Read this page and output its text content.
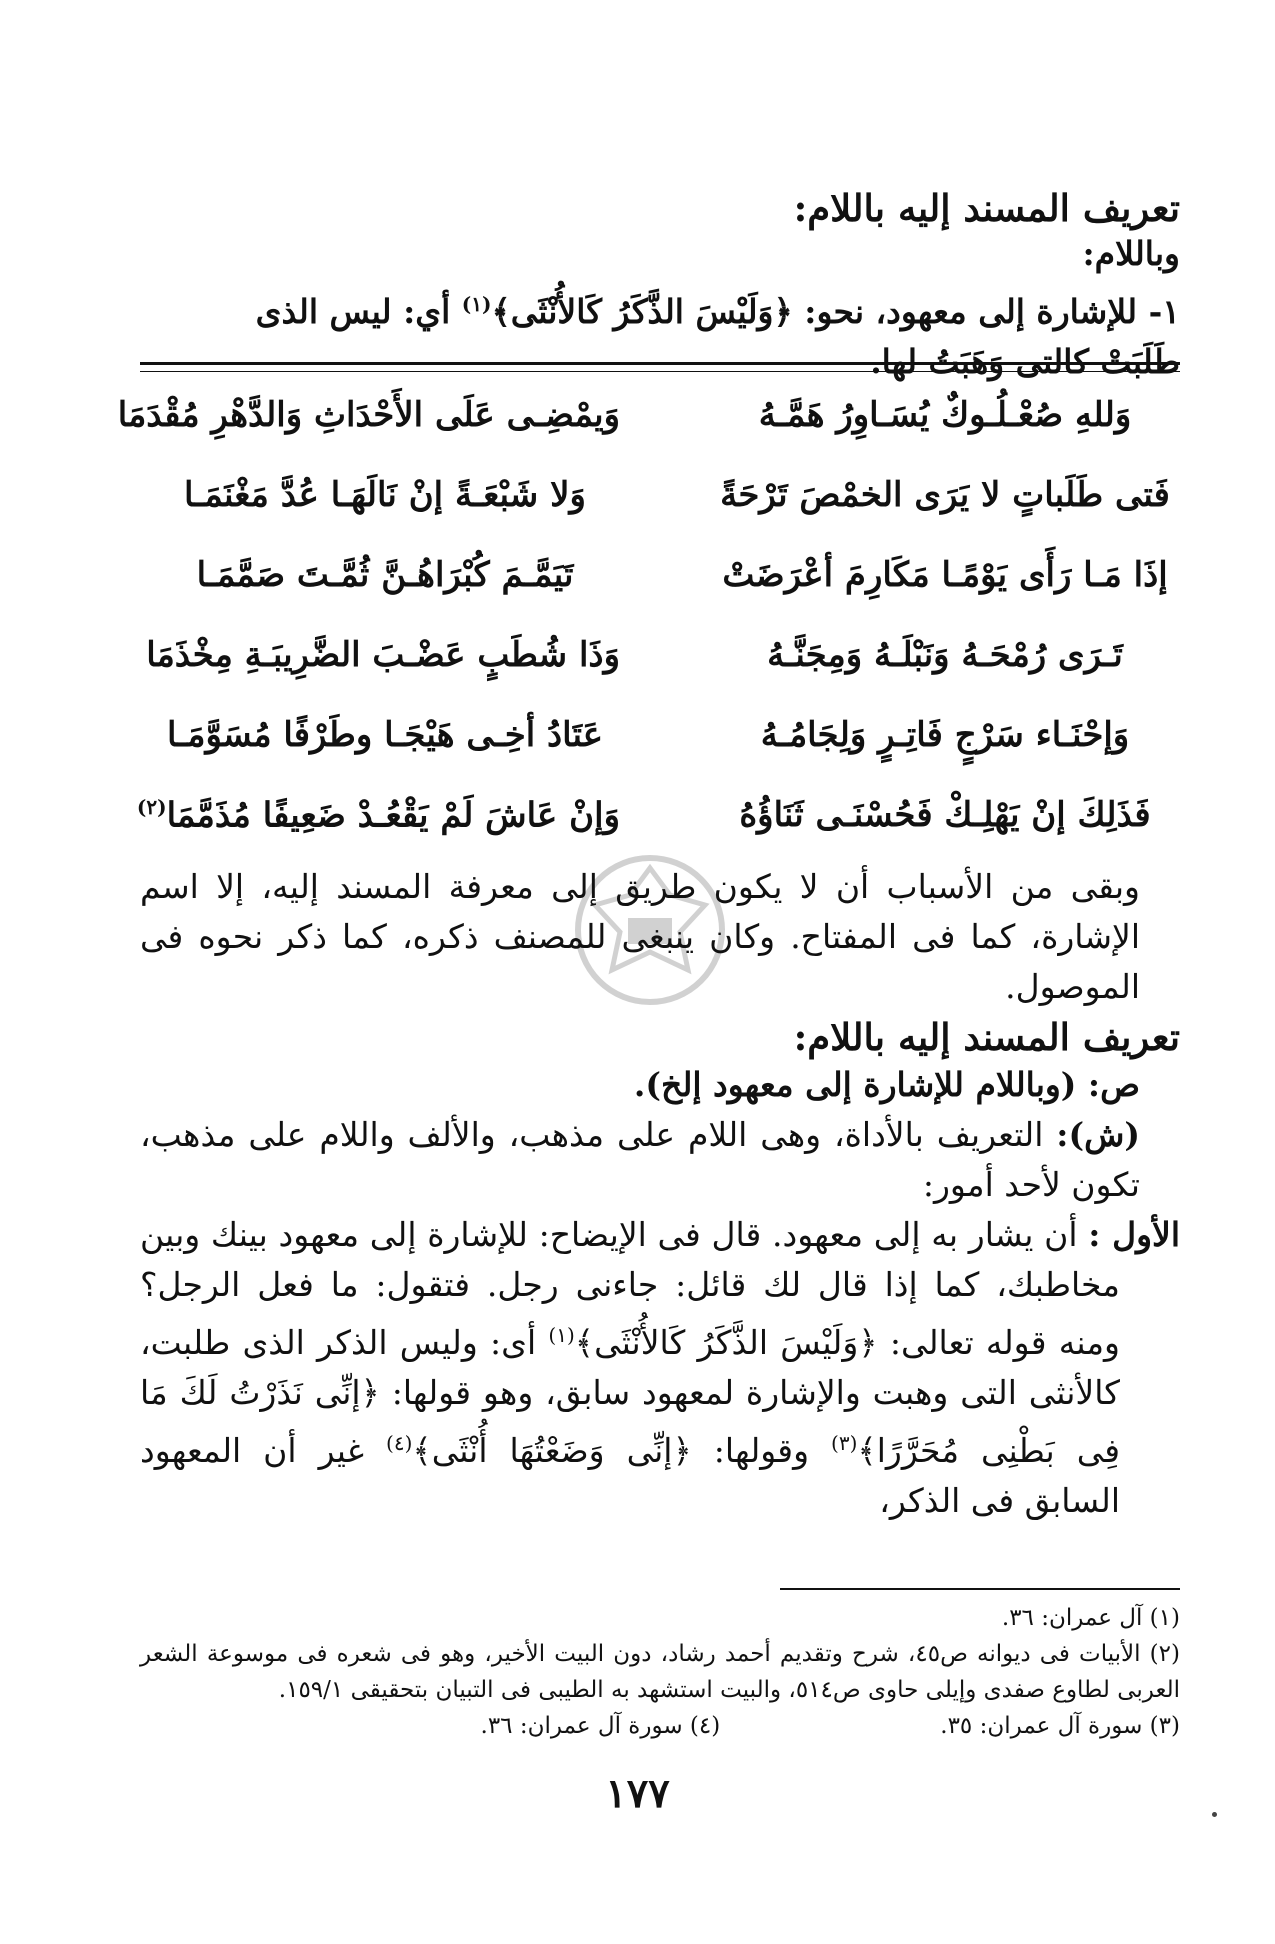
تعريف المسند إليه باللام:
وباللام:
١- للإشارة إلى معهود، نحو: ﴿وَلَيْسَ الذَّكَرُ كَالأُنْثَى﴾$^{(١)}$ أي: ليس الذى
طَلَبَتْ كالتى وَهَبَتُ لها.
وَللهِ صُعْـلُـوكٌ يُسَـاوِرُ هَمَّـهُ
وَيمْضِـى عَلَى الأَحْدَاثِ وَالدَّهْرِ مُقْدَمَا
فَتى طَلَباتٍ لا يَرَى الخمْصَ تَرْحَةً
وَلا شَبْعَـةً إنْ نَالَهَـا عُدَّ مَغْنَمَـا
إذَا مَـا رَأَى يَوْمًـا مَكَارِمَ أعْرَضَتْ
تَيَمَّـمَ كُبْرَاهُـنَّ ثُمَّـتَ صَمَّمَـا
تَـرَى رُمْحَـهُ وَنَبْلَـهُ وَمِجَنَّـهُ
وَذَا شُطَبٍ عَضْـبَ الضَّرِيبَـةِ مِخْذَمَا
وَإحْنَـاء سَرْجٍ فَاتِـرٍ وَلِجَامُـهُ
عَتَادُ أخِـى هَيْجَـا وطَرْفًا مُسَوَّمَـا
فَذَلِكَ إنْ يَهْلِـكْ فَحُسْنَـى ثَنَاؤُهُ
وَإنْ عَاشَ لَمْ يَقْعُـدْ ضَعِيفًا مُذَمَّمَا$^{(٢)}$
وبقى من الأسباب أن لا يكون طريق إلى معرفة المسند إليه، إلا اسم الإشارة، كما فى المفتاح. وكان ينبغى للمصنف ذكره، كما ذكر نحوه فى الموصول.
تعريف المسند إليه باللام:
ص: (وباللام للإشارة إلى معهود إلخ).
(ش): التعريف بالأداة، وهى اللام على مذهب، والألف واللام على مذهب، تكون لأحد أمور:
الأول : أن يشار به إلى معهود. قال فى الإيضاح: للإشارة إلى معهود بينك وبين مخاطبك، كما إذا قال لك قائل: جاءنى رجل. فتقول: ما فعل الرجل؟ ومنه قوله تعالى: ﴿وَلَيْسَ الذَّكَرُ كَالأُنْثَى﴾$^{(١)}$ أى: وليس الذكر الذى طلبت، كالأنثى التى وهبت والإشارة لمعهود سابق، وهو قولها: ﴿إنِّى نَذَرْتُ لَكَ مَا فِى بَطْنِى مُحَرَّرًا﴾$^{(٣)}$ وقولها: ﴿إنِّى وَضَعْتُهَا أُنْثَى﴾$^{(٤)}$ غير أن المعهود السابق فى الذكر،
(١) آل عمران: ٣٦.
(٢) الأبيات فى ديوانه ص٤٥، شرح وتقديم أحمد رشاد، دون البيت الأخير، وهو فى شعره فى موسوعة الشعر العربى لطاوع صفدى وإيلى حاوى ص٥١٤، والبيت استشهد به الطيبى فى التبيان بتحقيقى ١٥٩/١.
(٣) سورة آل عمران: ٣٥.
(٤) سورة آل عمران: ٣٦.
١٧٧
